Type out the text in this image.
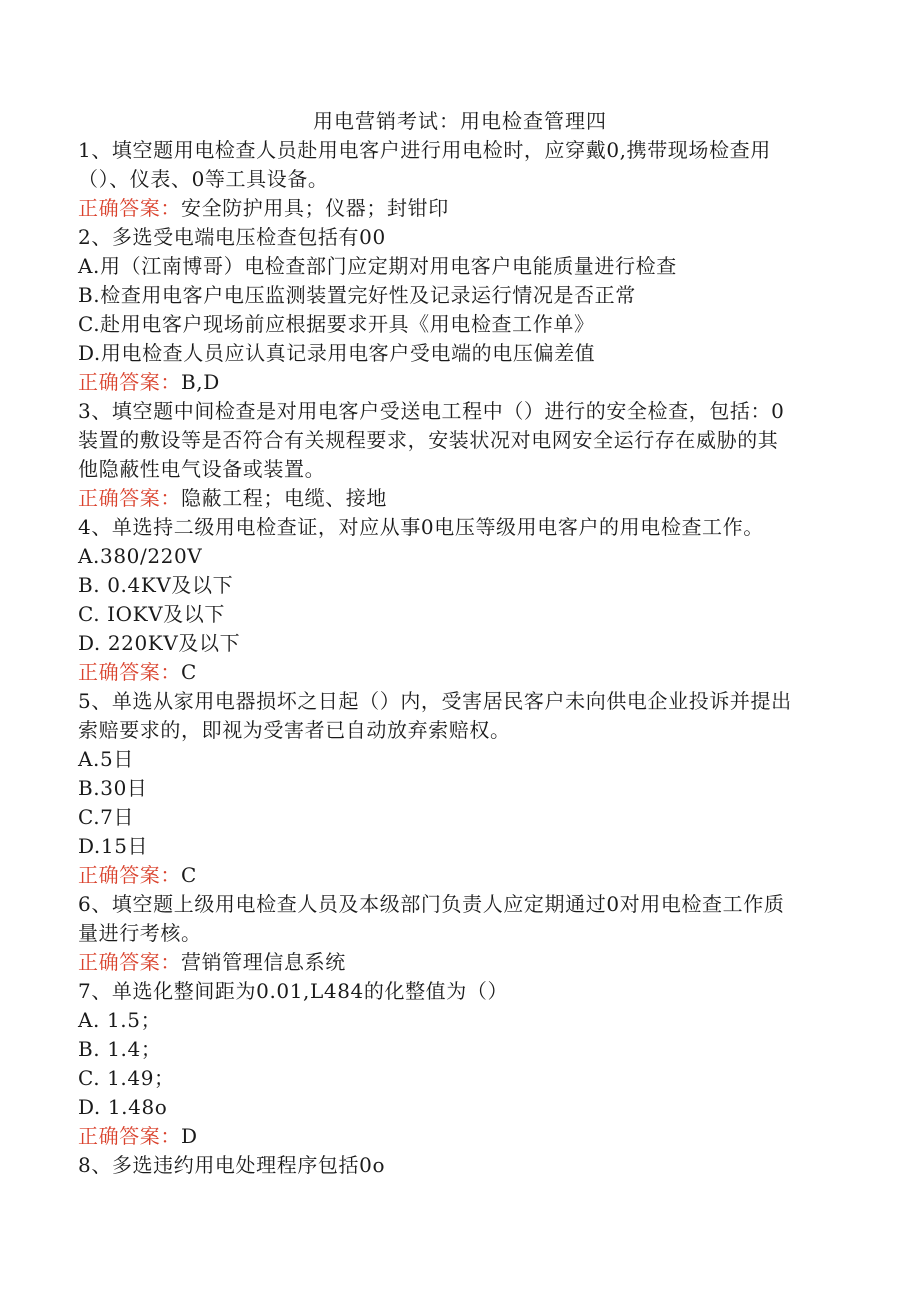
用电营销考试：用电检查管理四
1、填空题用电检查人员赴用电客户进行用电检时，应穿戴0,携带现场检查用
（）、仪表、0等工具设备。
正确答案：安全防护用具；仪器；封钳印
2、多选受电端电压检查包括有00
A.用（江南博哥）电检查部门应定期对用电客户电能质量进行检查
B.检查用电客户电压监测装置完好性及记录运行情况是否正常
C.赴用电客户现场前应根据要求开具《用电检查工作单》
D.用电检查人员应认真记录用电客户受电端的电压偏差值
正确答案：B,D
3、填空题中间检查是对用电客户受送电工程中（）进行的安全检查，包括：0
装置的敷设等是否符合有关规程要求，安装状况对电网安全运行存在威胁的其
他隐蔽性电气设备或装置。
正确答案：隐蔽工程；电缆、接地
4、单选持二级用电检查证，对应从事0电压等级用电客户的用电检查工作。
A.380/220V
B. 0.4KV及以下
C. IOKV及以下
D. 220KV及以下
正确答案：C
5、单选从家用电器损坏之日起（）内，受害居民客户未向供电企业投诉并提出
索赔要求的，即视为受害者已自动放弃索赔权。
A.5日
B.30日
C.7日
D.15日
正确答案：C
6、填空题上级用电检查人员及本级部门负责人应定期通过0对用电检查工作质
量进行考核。
正确答案：营销管理信息系统
7、单选化整间距为0.01,L484的化整值为（）
A. 1.5；
B. 1.4；
C. 1.49；
D. 1.48o
正确答案：D
8、多选违约用电处理程序包括0o
